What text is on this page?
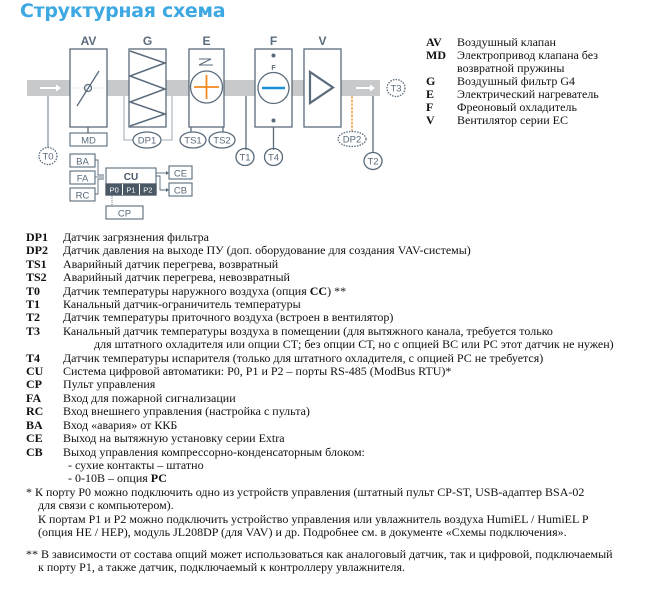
Структурная схема
AV	G	E	F	V
F
MD	DP1	TS1 TS2	DP2
T0	T1 T4	T2
T3
BA
FA
RC
CE
CB
CP
CU
P0 P1 P2
AV	Воздушный клапан
MD Электропривод клапана без возвратной пружины
G	Воздушный фильтр G4
E	Электрический нагреватель
F	Фреоновый охладитель
V	Вентилятор серии ЕС
DP1	Датчик загрязнения фильтра
DP2	Датчик давления на выходе ПУ (доп. оборудование для создания VAV-системы)
TS1	Аварийный датчик перегрева, возвратный
TS2	Аварийный датчик перегрева, невозвратный
T0	Датчик температуры наружного воздуха (опция СС) **
T1	Канальный датчик-ограничитель температуры
T2	Датчик температуры приточного воздуха (встроен в вентилятор)
T3	Канальный датчик температуры воздуха в помещении (для вытяжного канала, требуется только
для штатного охладителя или опции СТ; без опции СТ, но с опцией ВС или РС этот датчик не нужен)
T4	Датчик температуры испарителя (только для штатного охладителя, с опцией РС не требуется)
CU	Система цифровой автоматики: P0, P1 и P2 – порты RS-485 (ModBus RTU)*
CP	Пульт управления
FA	Вход для пожарной сигнализации
RC	Вход внешнего управления (настройка с пульта)
BA	Вход «авария» от ККБ
CE	Выход на вытяжную установку серии Extra
CB	Выход управления компрессорно-конденсаторным блоком:
- сухие контакты – штатно
- 0-10В – опция РС

* К порту P0 можно подключить одно из устройств управления (штатный пульт CP-ST, USB-адаптер BSA-02
для связи с компьютером).
К портам P1 и P2 можно подключить устройство управления или увлажнитель воздуха HumiEL / HumiEL P
(опция HE / HEP), модуль JL208DP (для VAV) и др. Подробнее см. в документе «Схемы подключения».

** В зависимости от состава опций может использоваться как аналоговый датчик, так и цифровой, подключаемый
к порту P1, а также датчик, подключаемый к контроллеру увлажнителя.
